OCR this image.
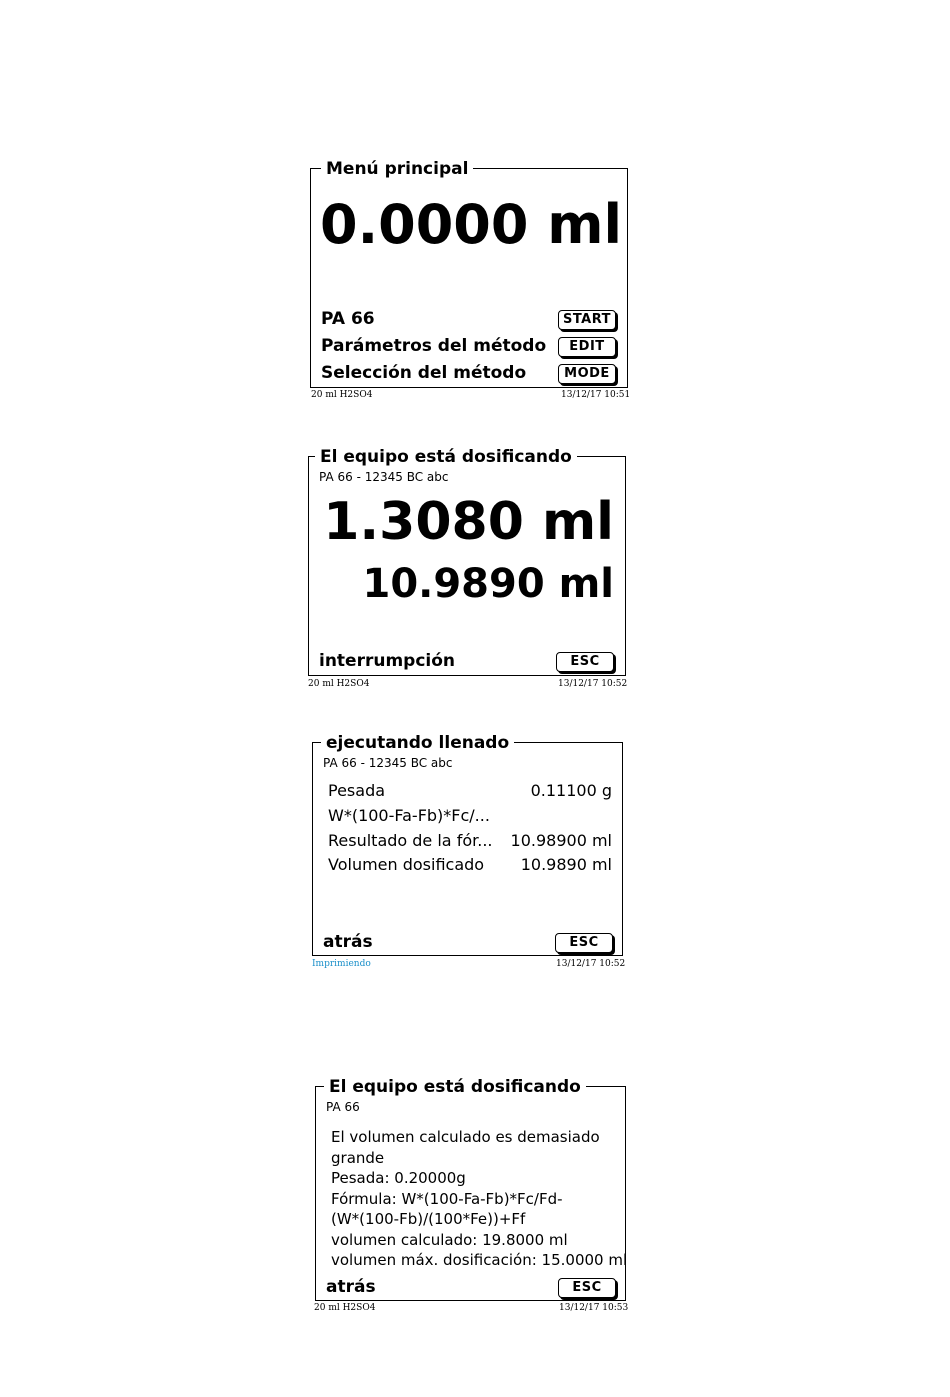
Menú principal
0.0000 ml
PA 66	START
Parámetros del método	EDIT
Selección del método	MODE
20 ml H2SO4	13/12/17 10:51
El equipo está dosificando
PA 66 - 12345 BC abc
1.3080 ml
10.9890 ml
interrumpción	ESC
20 ml H2SO4	13/12/17 10:52
ejecutando llenado
PA 66 - 12345 BC abc
Pesada	0.11100 g
W*(100-Fa-Fb)*Fc/...
Resultado de la fór... 10.98900 ml
Volumen dosificado 10.9890 ml
atrás	ESC
Imprimiendo	13/12/17 10:52
El equipo está dosificando
PA 66
El volumen calculado es demasiado
grande
Pesada: 0.20000g
Fórmula: W*(100-Fa-Fb)*Fc/Fd-
(W*(100-Fb)/(100*Fe))+Ff
volumen calculado: 19.8000 ml
volumen máx. dosificación: 15.0000 ml
atrás	ESC
20 ml H2SO4	13/12/17 10:53
